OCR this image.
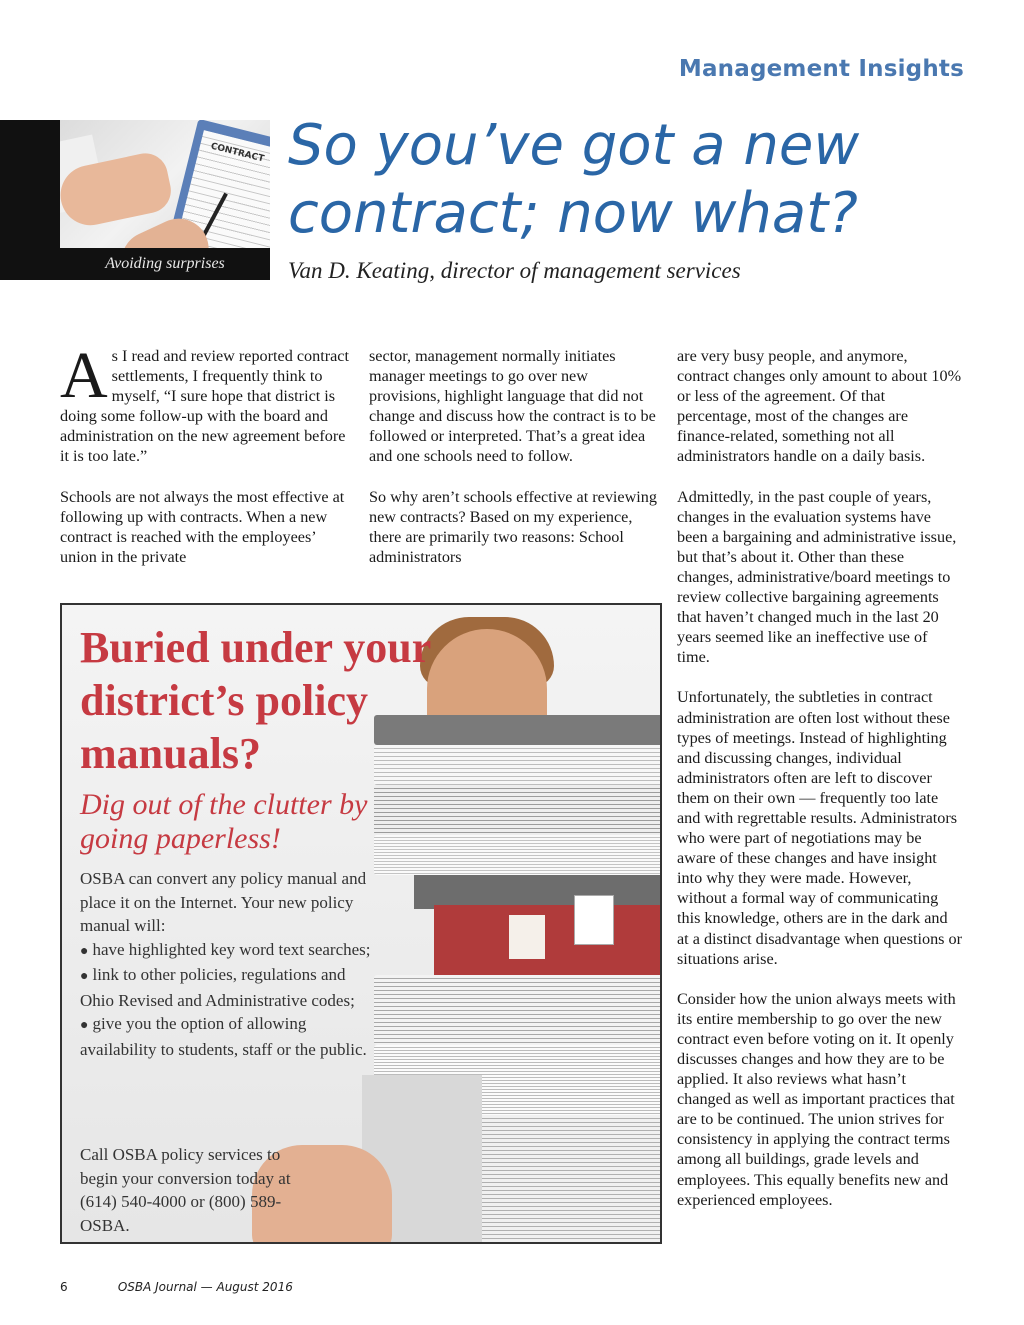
Management Insights
CONTRACT
Avoiding surprises
So you’ve got a new contract; now what?
Van D. Keating, director of management services

As I read and review reported contract settlements, I frequently think to myself, “I sure hope that district is doing some follow-up with the board and administration on the new agreement before it is too late.”

Schools are not always the most effective at following up with contracts. When a new contract is reached with the employees’ union in the private

sector, management normally initiates manager meetings to go over new provisions, highlight language that did not change and discuss how the contract is to be followed or interpreted. That’s a great idea and one schools need to follow.

So why aren’t schools effective at reviewing new contracts? Based on my experience, there are primarily two reasons: School administrators

are very busy people, and anymore, contract changes only amount to about 10% or less of the agreement. Of that percentage, most of the changes are finance-related, something not all administrators handle on a daily basis.

Admittedly, in the past couple of years, changes in the evaluation systems have been a bargaining and administrative issue, but that’s about it. Other than these changes, administrative/board meetings to review collective bargaining agreements that haven’t changed much in the last 20 years seemed like an ineffective use of time.

Unfortunately, the subtleties in contract administration are often lost without these types of meetings. Instead of highlighting and discussing changes, individual administrators often are left to discover them on their own — frequently too late and with regrettable results. Administrators who were part of negotiations may be aware of these changes and have insight into why they were made. However, without a formal way of communicating this knowledge, others are in the dark and at a distinct disadvantage when questions or situations arise.

Consider how the union always meets with its entire membership to go over the new contract even before voting on it. It openly discusses changes and how they are to be applied. It also reviews what hasn’t changed as well as important practices that are to be continued. The union strives for consistency in applying the contract terms among all buildings, grade levels and employees. This equally benefits new and experienced employees.

Buried under your district’s policy manuals?
Dig out of the clutter by going paperless!
OSBA can convert any policy manual and place it on the Internet. Your new policy manual will:
● have highlighted key word text searches;
● link to other policies, regulations and Ohio Revised and Administrative codes;
● give you the option of allowing availability to students, staff or the public.
Call OSBA policy services to begin your conversion today at (614) 540-4000 or (800) 589-OSBA.
6	OSBA Journal — August 2016
